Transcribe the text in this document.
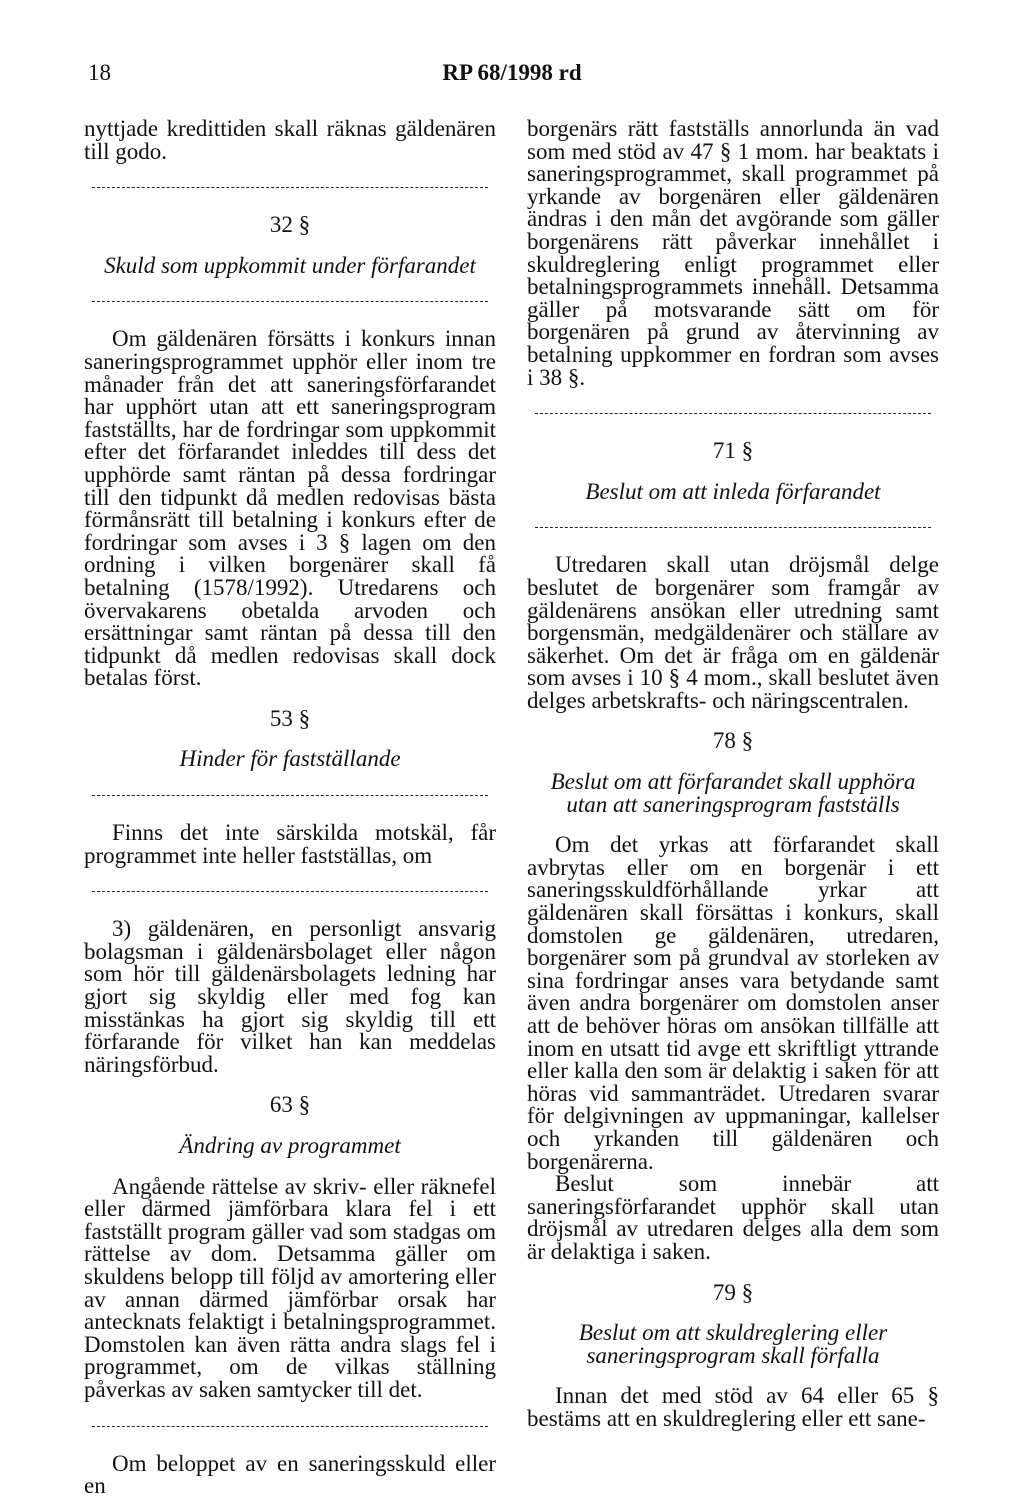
18	RP 68/1998 rd

nyttjade kredittiden skall räknas gäldenären till godo.

32 §
Skuld som uppkommit under förfarandet

Om gäldenären försätts i konkurs innan saneringsprogrammet upphör eller inom tre månader från det att saneringsförfarandet har upphört utan att ett saneringsprogram fastställts, har de fordringar som uppkommit efter det förfarandet inleddes till dess det upphörde samt räntan på dessa fordringar till den tidpunkt då medlen redovisas bästa förmånsrätt till betalning i konkurs efter de fordringar som avses i 3 § lagen om den ordning i vilken borgenärer skall få betalning (1578/1992). Utredarens och övervakarens obetalda arvoden och ersättningar samt räntan på dessa till den tidpunkt då medlen redovisas skall dock betalas först.

53 §
Hinder för fastställande

Finns det inte särskilda motskäl, får programmet inte heller fastställas, om

3) gäldenären, en personligt ansvarig bolagsman i gäldenärsbolaget eller någon som hör till gäldenärsbolagets ledning har gjort sig skyldig eller med fog kan misstänkas ha gjort sig skyldig till ett förfarande för vilket han kan meddelas näringsförbud.

63 §
Ändring av programmet

Angående rättelse av skriv- eller räknefel eller därmed jämförbara klara fel i ett fastställt program gäller vad som stadgas om rättelse av dom. Detsamma gäller om skuldens belopp till följd av amortering eller av annan därmed jämförbar orsak har antecknats felaktigt i betalningsprogrammet. Domstolen kan även rätta andra slags fel i programmet, om de vilkas ställning påverkas av saken samtycker till det.

Om beloppet av en saneringsskuld eller en

borgenärs rätt fastställs annorlunda än vad som med stöd av 47 § 1 mom. har beaktats i saneringsprogrammet, skall programmet på yrkande av borgenären eller gäldenären ändras i den mån det avgörande som gäller borgenärens rätt påverkar innehållet i skuldreglering enligt programmet eller betalningsprogrammets innehåll. Detsamma gäller på motsvarande sätt om för borgenären på grund av återvinning av betalning uppkommer en fordran som avses i 38 §.

71 §
Beslut om att inleda förfarandet

Utredaren skall utan dröjsmål delge beslutet de borgenärer som framgår av gäldenärens ansökan eller utredning samt borgensmän, medgäldenärer och ställare av säkerhet. Om det är fråga om en gäldenär som avses i 10 § 4 mom., skall beslutet även delges arbetskrafts- och näringscentralen.

78 §
Beslut om att förfarandet skall upphöra utan att saneringsprogram fastställs

Om det yrkas att förfarandet skall avbrytas eller om en borgenär i ett saneringsskuldförhållande yrkar att gäldenären skall försättas i konkurs, skall domstolen ge gäldenären, utredaren, borgenärer som på grundval av storleken av sina fordringar anses vara betydande samt även andra borgenärer om domstolen anser att de behöver höras om ansökan tillfälle att inom en utsatt tid avge ett skriftligt yttrande eller kalla den som är delaktig i saken för att höras vid sammanträdet. Utredaren svarar för delgivningen av uppmaningar, kallelser och yrkanden till gäldenären och borgenärerna.

Beslut som innebär att saneringsförfarandet upphör skall utan dröjsmål av utredaren delges alla dem som är delaktiga i saken.

79 §
Beslut om att skuldreglering eller saneringsprogram skall förfalla

Innan det med stöd av 64 eller 65 § bestäms att en skuldreglering eller ett sane-
